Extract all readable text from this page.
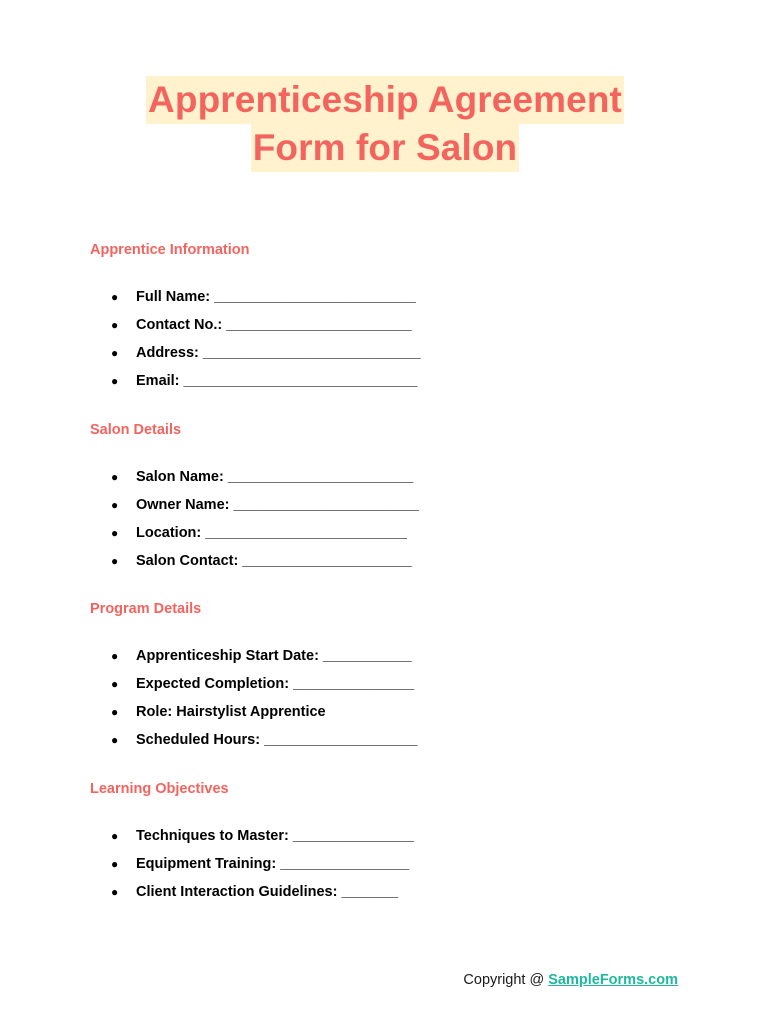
Apprenticeship Agreement
Form for Salon
Apprentice Information
● Full Name: _________________________
● Contact No.: _______________________
● Address: ___________________________
● Email: _____________________________
Salon Details
● Salon Name: _______________________
● Owner Name: _______________________
● Location: _________________________
● Salon Contact: _____________________
Program Details
● Apprenticeship Start Date: ___________
● Expected Completion: _______________
● Role: Hairstylist Apprentice
● Scheduled Hours: ___________________
Learning Objectives
● Techniques to Master: _______________
● Equipment Training: ________________
● Client Interaction Guidelines: _______
Copyright @ SampleForms.com
